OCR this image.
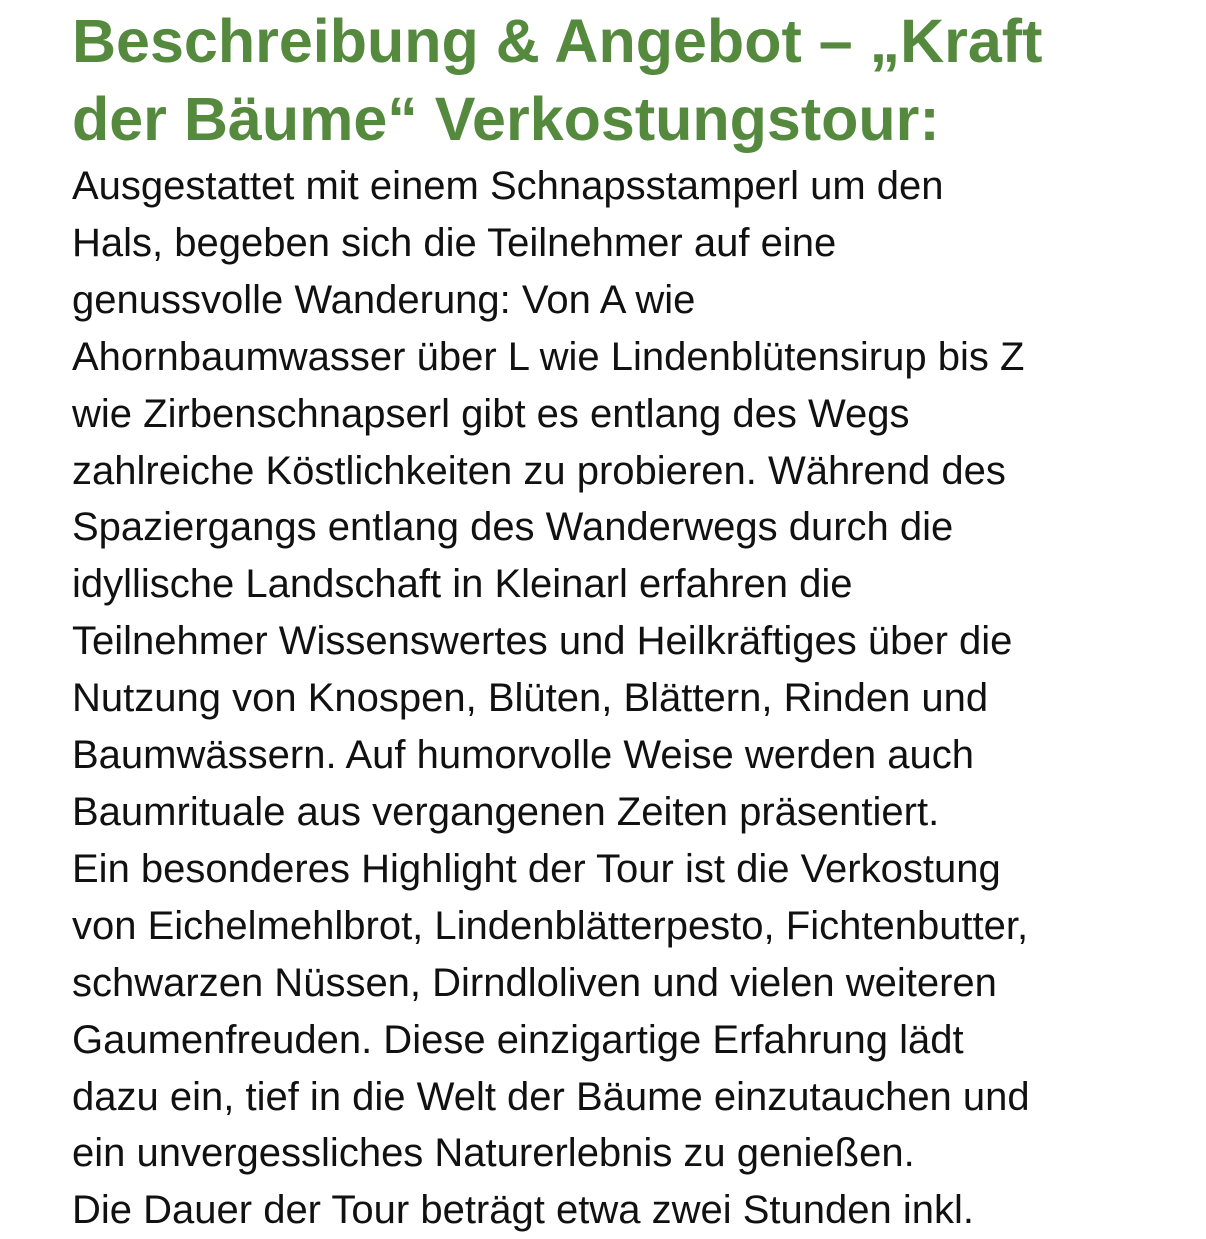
Beschreibung & Angebot – „Kraft
der Bäume“ Verkostungstour:

Ausgestattet mit einem Schnapsstamperl um den
Hals, begeben sich die Teilnehmer auf eine
genussvolle Wanderung: Von A wie
Ahornbaumwasser über L wie Lindenblütensirup bis Z
wie Zirbenschnapserl gibt es entlang des Wegs
zahlreiche Köstlichkeiten zu probieren. Während des
Spaziergangs entlang des Wanderwegs durch die
idyllische Landschaft in Kleinarl erfahren die
Teilnehmer Wissenswertes und Heilkräftiges über die
Nutzung von Knospen, Blüten, Blättern, Rinden und
Baumwässern. Auf humorvolle Weise werden auch
Baumrituale aus vergangenen Zeiten präsentiert.

Ein besonderes Highlight der Tour ist die Verkostung
von Eichelmehlbrot, Lindenblätterpesto, Fichtenbutter,
schwarzen Nüssen, Dirndloliven und vielen weiteren
Gaumenfreuden. Diese einzigartige Erfahrung lädt
dazu ein, tief in die Welt der Bäume einzutauchen und
ein unvergessliches Naturerlebnis zu genießen.

Die Dauer der Tour beträgt etwa zwei Stunden inkl.
